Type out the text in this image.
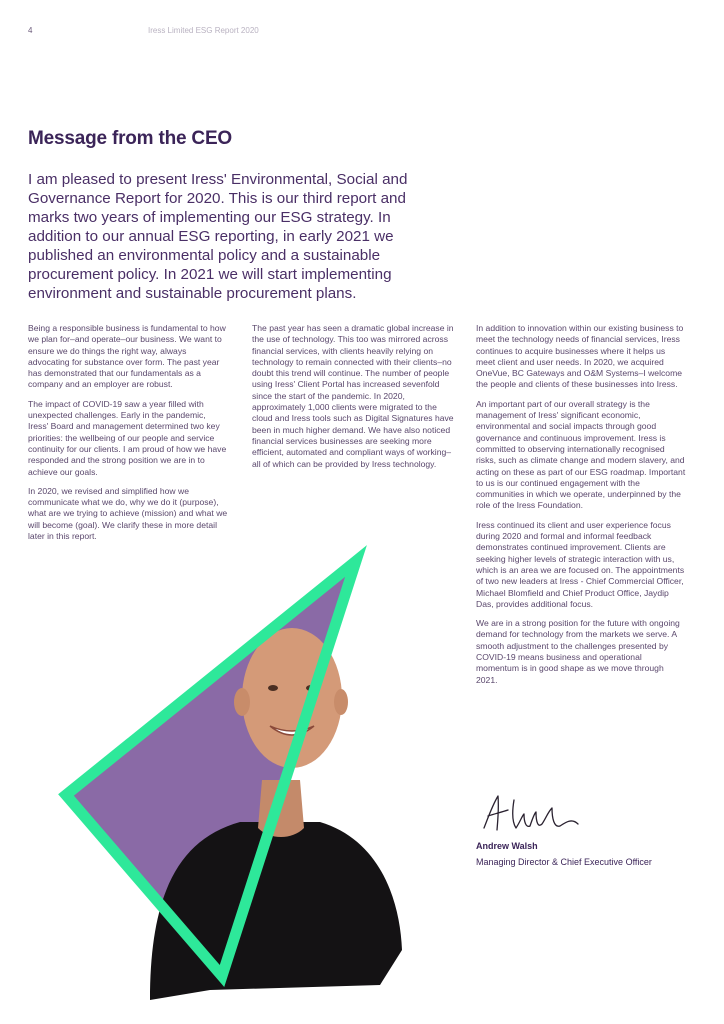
4	Iress Limited ESG Report 2020
Message from the CEO

I am pleased to present Iress' Environmental, Social and Governance Report for 2020. This is our third report and marks two years of implementing our ESG strategy. In addition to our annual ESG reporting, in early 2021 we published an environmental policy and a sustainable procurement policy. In 2021 we will start implementing environment and sustainable procurement plans.

Being a responsible business is fundamental to how we plan for–and operate–our business. We want to ensure we do things the right way, always advocating for substance over form. The past year has demonstrated that our fundamentals as a company and an employer are robust.

The impact of COVID-19 saw a year filled with unexpected challenges. Early in the pandemic, Iress' Board and management determined two key priorities: the wellbeing of our people and service continuity for our clients. I am proud of how we have responded and the strong position we are in to achieve our goals.

In 2020, we revised and simplified how we communicate what we do, why we do it (purpose), what are we trying to achieve (mission) and what we will become (goal). We clarify these in more detail later in this report.

The past year has seen a dramatic global increase in the use of technology. This too was mirrored across financial services, with clients heavily relying on technology to remain connected with their clients–no doubt this trend will continue. The number of people using Iress' Client Portal has increased sevenfold since the start of the pandemic. In 2020, approximately 1,000 clients were migrated to the cloud and Iress tools such as Digital Signatures have been in much higher demand. We have also noticed financial services businesses are seeking more efficient, automated and compliant ways of working–all of which can be provided by Iress technology.

In addition to innovation within our existing business to meet the technology needs of financial services, Iress continues to acquire businesses where it helps us meet client and user needs. In 2020, we acquired OneVue, BC Gateways and O&M Systems–I welcome the people and clients of these businesses into Iress.

An important part of our overall strategy is the management of Iress' significant economic, environmental and social impacts through good governance and continuous improvement. Iress is committed to observing internationally recognised risks, such as climate change and modern slavery, and acting on these as part of our ESG roadmap. Important to us is our continued engagement with the communities in which we operate, underpinned by the role of the Iress Foundation.

Iress continued its client and user experience focus during 2020 and formal and informal feedback demonstrates continued improvement. Clients are seeking higher levels of strategic interaction with us, which is an area we are focused on. The appointments of two new leaders at Iress - Chief Commercial Officer, Michael Blomfield and Chief Product Office, Jaydip Das, provides additional focus.

We are in a strong position for the future with ongoing demand for technology from the markets we serve. A smooth adjustment to the challenges presented by COVID-19 means business and operational momentum is in good shape as we move through 2021.

Andrew Walsh
Managing Director & Chief Executive Officer
